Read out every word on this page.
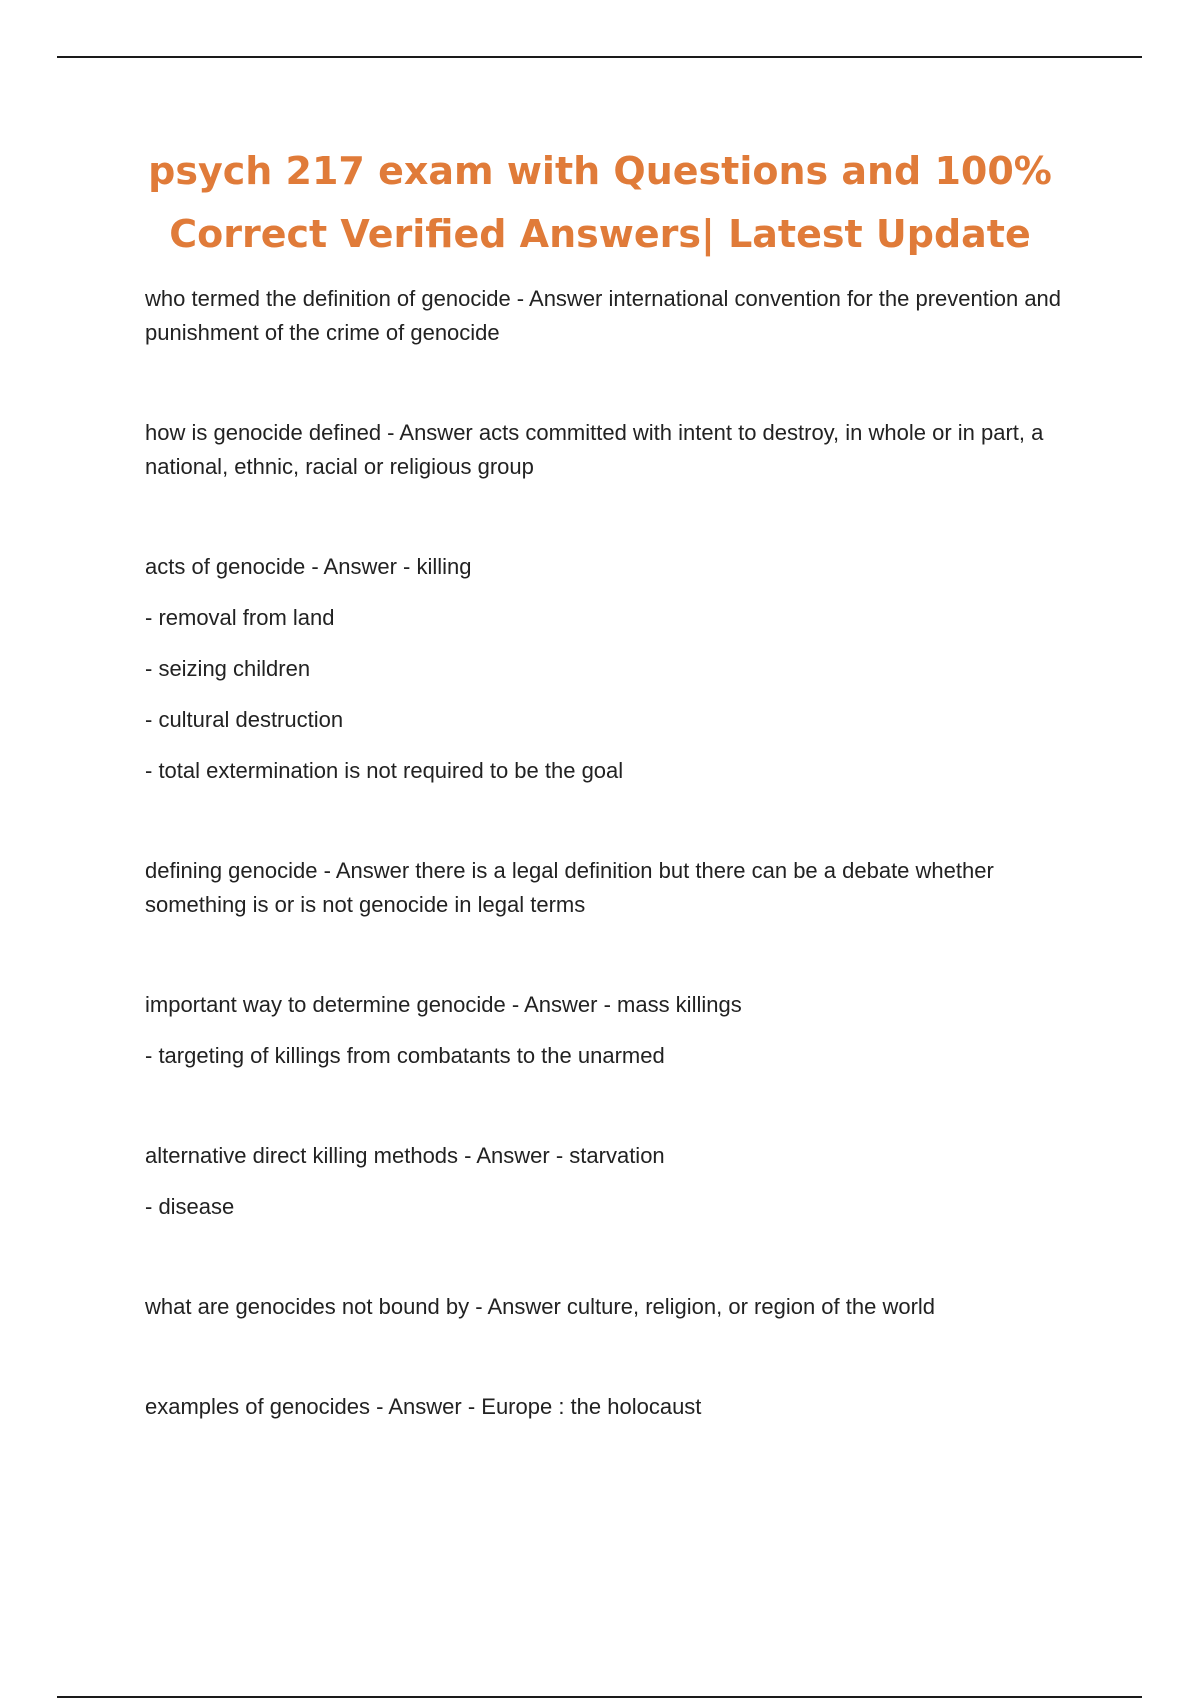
psych 217 exam with Questions and 100%
Correct Verified Answers| Latest Update

who termed the definition of genocide - Answer international convention for the prevention and punishment of the crime of genocide

how is genocide defined - Answer acts committed with intent to destroy, in whole or in part, a national, ethnic, racial or religious group

acts of genocide - Answer - killing

- removal from land

- seizing children

- cultural destruction

- total extermination is not required to be the goal

defining genocide - Answer there is a legal definition but there can be a debate whether something is or is not genocide in legal terms

important way to determine genocide - Answer - mass killings

- targeting of killings from combatants to the unarmed

alternative direct killing methods - Answer - starvation

- disease

what are genocides not bound by - Answer culture, religion, or region of the world

examples of genocides - Answer - Europe : the holocaust
